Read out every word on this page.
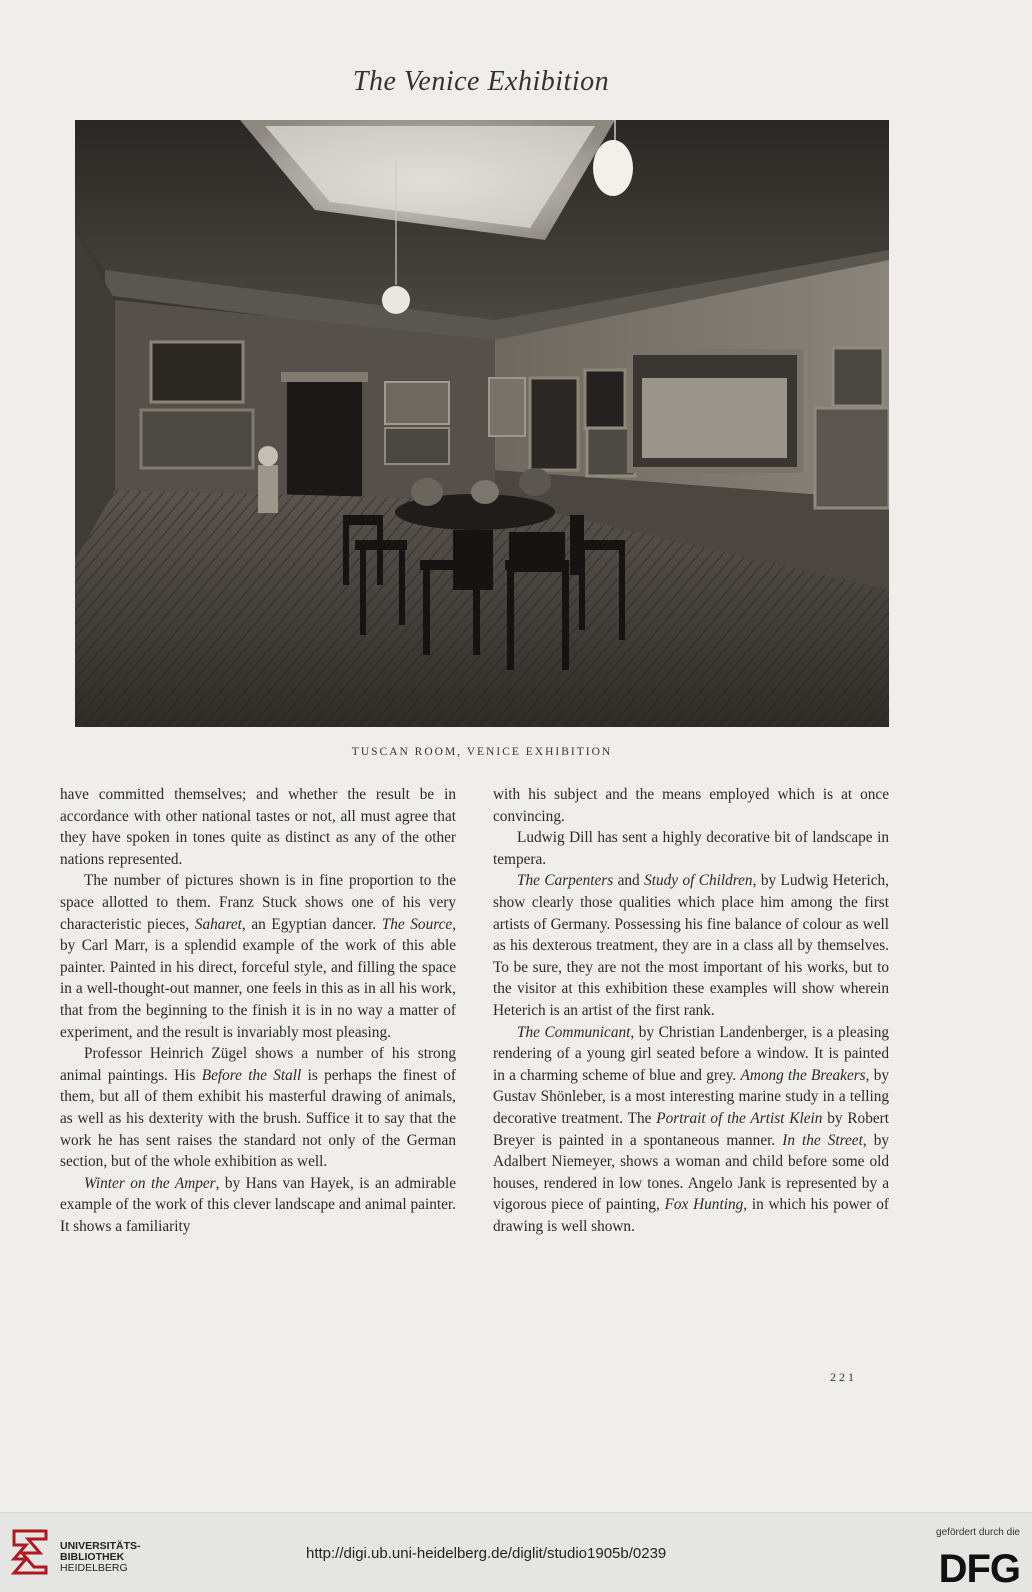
The Venice Exhibition
TUSCAN ROOM, VENICE EXHIBITION

have committed themselves; and whether the result be in accordance with other national tastes or not, all must agree that they have spoken in tones quite as distinct as any of the other nations represented.

The number of pictures shown is in fine proportion to the space allotted to them. Franz Stuck shows one of his very characteristic pieces, Saharet, an Egyptian dancer. The Source, by Carl Marr, is a splendid example of the work of this able painter. Painted in his direct, forceful style, and filling the space in a well-thought-out manner, one feels in this as in all his work, that from the beginning to the finish it is in no way a matter of experiment, and the result is invariably most pleasing.

Professor Heinrich Zügel shows a number of his strong animal paintings. His Before the Stall is perhaps the finest of them, but all of them exhibit his masterful drawing of animals, as well as his dexterity with the brush. Suffice it to say that the work he has sent raises the standard not only of the German section, but of the whole exhibition as well.

Winter on the Amper, by Hans van Hayek, is an admirable example of the work of this clever landscape and animal painter. It shows a familiarity

with his subject and the means employed which is at once convincing.

Ludwig Dill has sent a highly decorative bit of landscape in tempera.

The Carpenters and Study of Children, by Ludwig Heterich, show clearly those qualities which place him among the first artists of Germany. Possessing his fine balance of colour as well as his dexterous treatment, they are in a class all by themselves. To be sure, they are not the most important of his works, but to the visitor at this exhibition these examples will show wherein Heterich is an artist of the first rank.

The Communicant, by Christian Landenberger, is a pleasing rendering of a young girl seated before a window. It is painted in a charming scheme of blue and grey. Among the Breakers, by Gustav Shönleber, is a most interesting marine study in a telling decorative treatment. The Portrait of the Artist Klein by Robert Breyer is painted in a spontaneous manner. In the Street, by Adalbert Niemeyer, shows a woman and child before some old houses, rendered in low tones. Angelo Jank is represented by a vigorous piece of painting, Fox Hunting, in which his power of drawing is well shown.

221
UNIVERSITÄTS-
BIBLIOTHEK
HEIDELBERG
http://digi.ub.uni-heidelberg.de/diglit/studio1905b/0239
gefördert durch die
DFG
